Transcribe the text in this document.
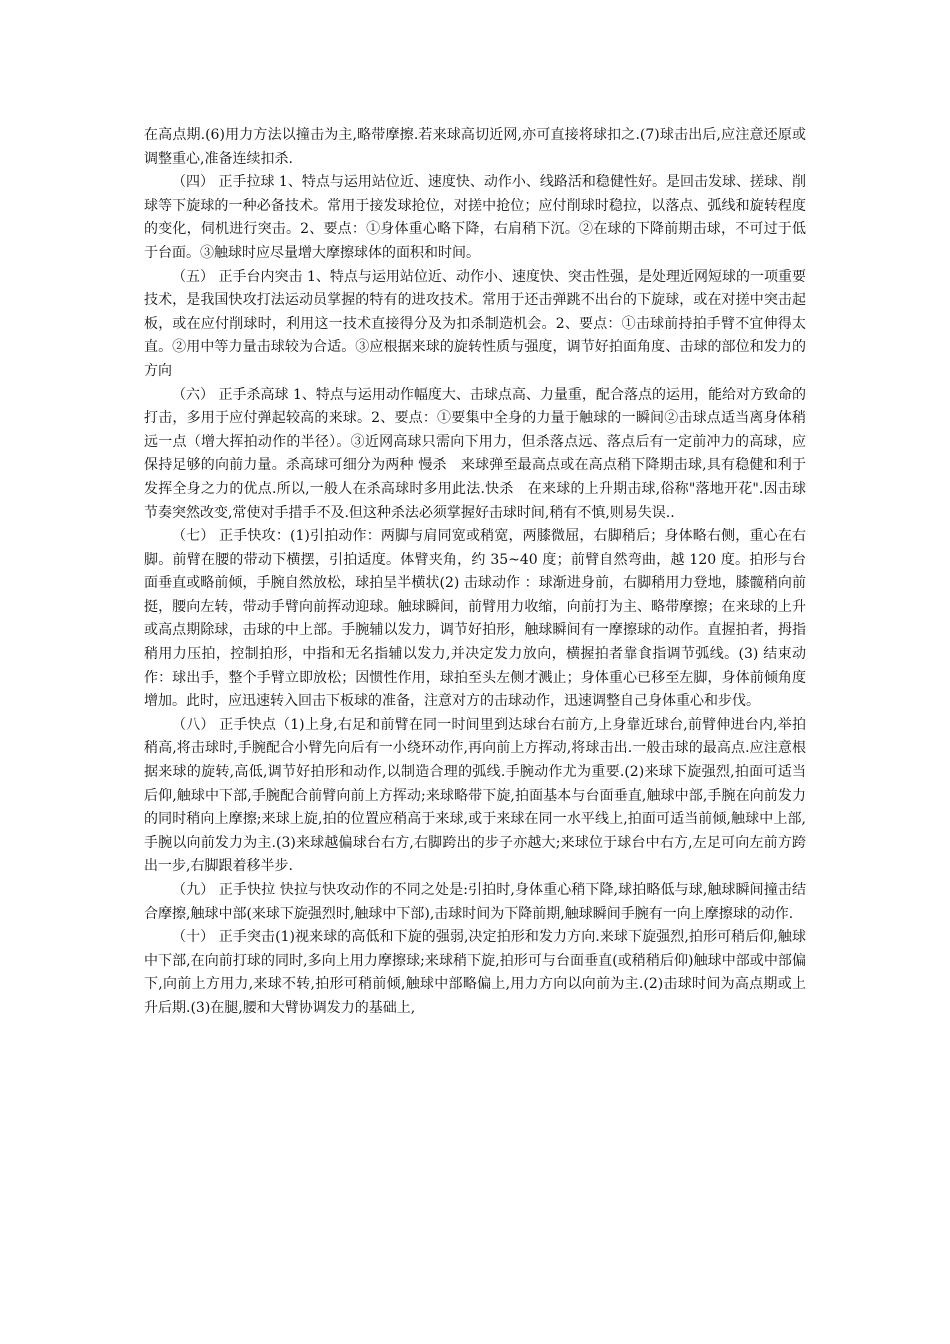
在高点期.(6)用力方法以撞击为主,略带摩擦.若来球高切近网,亦可直接将球扣之.(7)球击出后,应注意还原或调整重心,准备连续扣杀.

（四） 正手拉球 1、特点与运用站位近、速度快、动作小、线路活和稳健性好。是回击发球、搓球、削球等下旋球的一种必备技术。常用于接发球抢位，对搓中抢位；应付削球时稳拉，以落点、弧线和旋转程度的变化，伺机进行突击。2、要点：①身体重心略下降，右肩稍下沉。②在球的下降前期击球，不可过于低于台面。③触球时应尽量增大摩擦球体的面积和时间。

（五） 正手台内突击 1、特点与运用站位近、动作小、速度快、突击性强，是处理近网短球的一项重要技术，是我国快攻打法运动员掌握的特有的进攻技术。常用于还击弹跳不出台的下旋球，或在对搓中突击起板，或在应付削球时，利用这一技术直接得分及为扣杀制造机会。2、要点：①击球前持拍手臂不宜伸得太直。②用中等力量击球较为合适。③应根据来球的旋转性质与强度，调节好拍面角度、击球的部位和发力的方向

（六） 正手杀高球 1、特点与运用动作幅度大、击球点高、力量重，配合落点的运用，能给对方致命的打击，多用于应付弹起较高的来球。2、要点：①要集中全身的力量于触球的一瞬间②击球点适当离身体稍远一点（增大挥拍动作的半径）。③近网高球只需向下用力，但杀落点远、落点后有一定前冲力的高球，应保持足够的向前力量。杀高球可细分为两种 慢杀　来球弹至最高点或在高点稍下降期击球,具有稳健和利于发挥全身之力的优点.所以,一般人在杀高球时多用此法.快杀　在来球的上升期击球,俗称"落地开花".因击球节奏突然改变,常使对手措手不及.但这种杀法必须掌握好击球时间,稍有不慎,则易失误..

（七） 正手快攻：(1)引拍动作：两脚与肩同宽或稍宽，两膝微屈，右脚稍后；身体略右侧，重心在右脚。前臂在腰的带动下横摆，引拍适度。体臂夹角，约 35~40 度；前臂自然弯曲，越 120 度。拍形与台面垂直或略前倾，手腕自然放松，球拍呈半横状(2) 击球动作 ：球渐进身前，右脚稍用力登地，膝髋稍向前挺，腰向左转，带动手臂向前挥动迎球。触球瞬间，前臂用力收缩，向前打为主、略带摩擦；在来球的上升或高点期除球，击球的中上部。手腕辅以发力，调节好拍形，触球瞬间有一摩擦球的动作。直握拍者，拇指稍用力压拍，控制拍形，中指和无名指辅以发力,并决定发力放向，横握拍者靠食指调节弧线。(3) 结束动作：球出手，整个手臂立即放松；因惯性作用，球拍至头左侧才溅止；身体重心已移至左脚，身体前倾角度增加。此时，应迅速转入回击下板球的准备，注意对方的击球动作，迅速调整自己身体重心和步伐。

（八） 正手快点（1)上身,右足和前臂在同一时间里到达球台右前方,上身靠近球台,前臂伸进台内,举拍稍高,将击球时,手腕配合小臂先向后有一小绕环动作,再向前上方挥动,将球击出.一般击球的最高点.应注意根据来球的旋转,高低,调节好拍形和动作,以制造合理的弧线.手腕动作尤为重要.(2)来球下旋强烈,拍面可适当后仰,触球中下部,手腕配合前臂向前上方挥动;来球略带下旋,拍面基本与台面垂直,触球中部,手腕在向前发力的同时稍向上摩擦;来球上旋,拍的位置应稍高于来球,或于来球在同一水平线上,拍面可适当前倾,触球中上部,手腕以向前发力为主.(3)来球越偏球台右方,右脚跨出的步子亦越大;来球位于球台中右方,左足可向左前方跨出一步,右脚跟着移半步.

（九） 正手快拉 快拉与快攻动作的不同之处是:引拍时,身体重心稍下降,球拍略低与球,触球瞬间撞击结合摩擦,触球中部(来球下旋强烈时,触球中下部),击球时间为下降前期,触球瞬间手腕有一向上摩擦球的动作.

（十） 正手突击(1)视来球的高低和下旋的强弱,决定拍形和发力方向.来球下旋强烈,拍形可稍后仰,触球中下部,在向前打球的同时,多向上用力摩擦球;来球稍下旋,拍形可与台面垂直(或稍稍后仰)触球中部或中部偏下,向前上方用力,来球不转,拍形可稍前倾,触球中部略偏上,用力方向以向前为主.(2)击球时间为高点期或上升后期.(3)在腿,腰和大臂协调发力的基础上,
